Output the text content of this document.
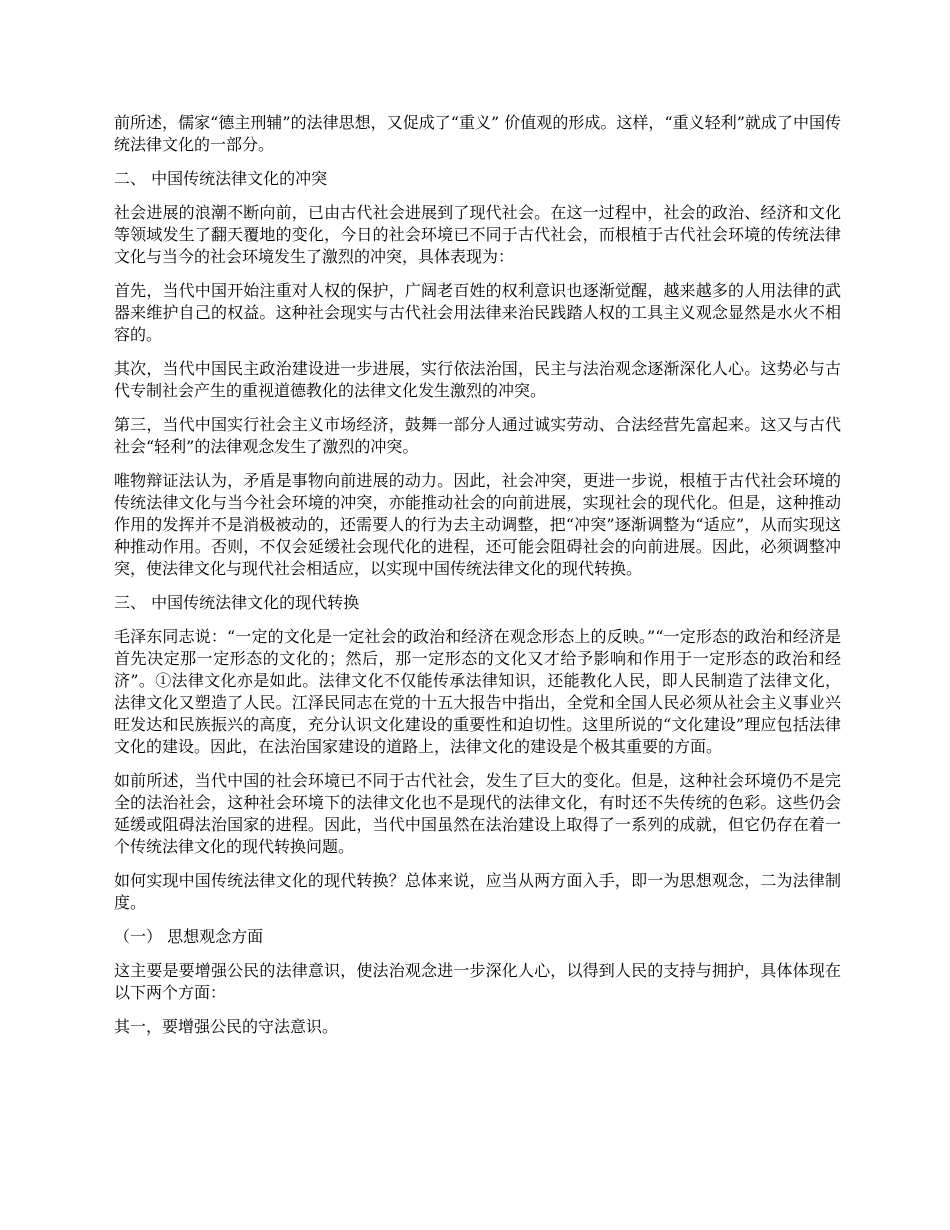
前所述，儒家“德主刑辅”的法律思想，又促成了“重义” 价值观的形成。这样，“重义轻利”就成了中国传统法律文化的一部分。

二、 中国传统法律文化的冲突

社会进展的浪潮不断向前，已由古代社会进展到了现代社会。在这一过程中，社会的政治、经济和文化等领域发生了翻天覆地的变化，今日的社会环境已不同于古代社会，而根植于古代社会环境的传统法律文化与当今的社会环境发生了激烈的冲突，具体表现为：

首先，当代中国开始注重对人权的保护，广阔老百姓的权利意识也逐渐觉醒，越来越多的人用法律的武器来维护自己的权益。这种社会现实与古代社会用法律来治民践踏人权的工具主义观念显然是水火不相容的。

其次，当代中国民主政治建设进一步进展，实行依法治国，民主与法治观念逐渐深化人心。这势必与古代专制社会产生的重视道德教化的法律文化发生激烈的冲突。

第三，当代中国实行社会主义市场经济，鼓舞一部分人通过诚实劳动、合法经营先富起来。这又与古代社会“轻利”的法律观念发生了激烈的冲突。

唯物辩证法认为，矛盾是事物向前进展的动力。因此，社会冲突，更进一步说，根植于古代社会环境的传统法律文化与当今社会环境的冲突，亦能推动社会的向前进展，实现社会的现代化。但是，这种推动作用的发挥并不是消极被动的，还需要人的行为去主动调整，把“冲突”逐渐调整为“适应”，从而实现这种推动作用。否则，不仅会延缓社会现代化的进程，还可能会阻碍社会的向前进展。因此，必须调整冲突，使法律文化与现代社会相适应，以实现中国传统法律文化的现代转换。

三、 中国传统法律文化的现代转换

毛泽东同志说：“一定的文化是一定社会的政治和经济在观念形态上的反映。”“一定形态的政治和经济是首先决定那一定形态的文化的；然后，那一定形态的文化又才给予影响和作用于一定形态的政治和经济”。①法律文化亦是如此。法律文化不仅能传承法律知识，还能教化人民，即人民制造了法律文化，法律文化又塑造了人民。江泽民同志在党的十五大报告中指出，全党和全国人民必须从社会主义事业兴旺发达和民族振兴的高度，充分认识文化建设的重要性和迫切性。这里所说的“文化建设”理应包括法律文化的建设。因此，在法治国家建设的道路上，法律文化的建设是个极其重要的方面。

如前所述，当代中国的社会环境已不同于古代社会，发生了巨大的变化。但是，这种社会环境仍不是完全的法治社会，这种社会环境下的法律文化也不是现代的法律文化，有时还不失传统的色彩。这些仍会延缓或阻碍法治国家的进程。因此，当代中国虽然在法治建设上取得了一系列的成就，但它仍存在着一个传统法律文化的现代转换问题。

如何实现中国传统法律文化的现代转换？总体来说，应当从两方面入手，即一为思想观念，二为法律制度。

（一） 思想观念方面

这主要是要增强公民的法律意识，使法治观念进一步深化人心，以得到人民的支持与拥护，具体体现在以下两个方面：

其一，要增强公民的守法意识。
